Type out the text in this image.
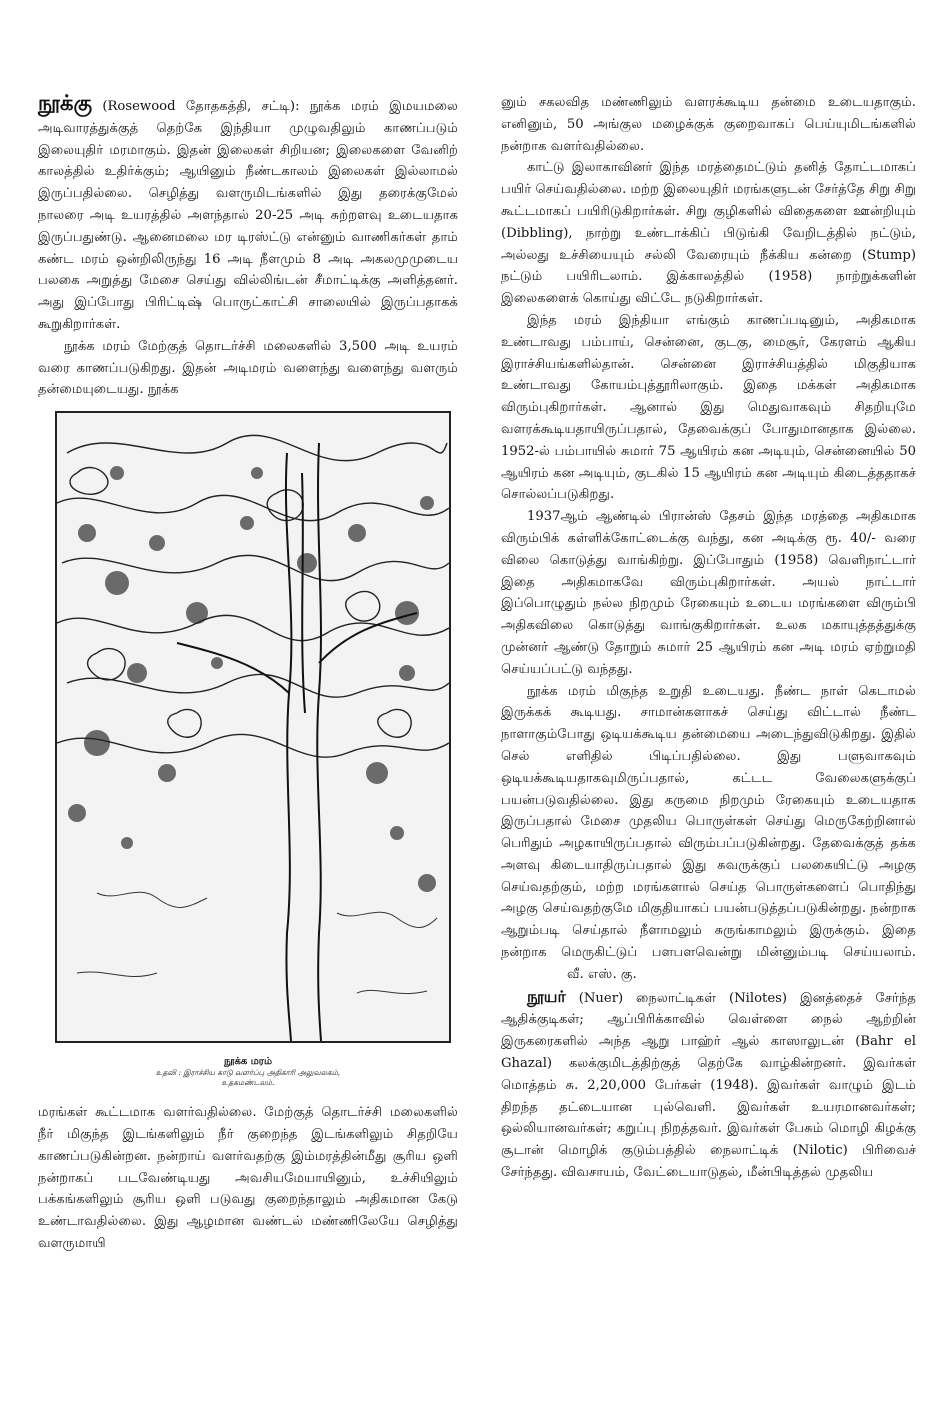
நூக்கு (Rosewood தோதகத்தி, சட்டி): நூக்க மரம் இமயமலை அடிவாரத்துக்குத் தெற்கே இந்தியா முழுவதிலும் காணப்படும் இலையுதிர் மரமாகும். இதன் இலைகள் சிறியன; இலைகளை வேனிற் காலத்தில் உதிர்க்கும்; ஆயினும் நீண்டகாலம் இலைகள் இல்லாமல் இருப்பதில்லை. செழித்து வளருமிடங்களில் இது தரைக்குமேல் நாலரை அடி உயரத்தில் அளந்தால் 20-25 அடி சுற்றளவு உடையதாக இருப்பதுண்டு. ஆனைமலை மர டிரஸ்ட்டு என்னும் வாணிகர்கள் தாம் கண்ட மரம் ஒன்றிலிருந்து 16 அடி நீளமும் 8 அடி அகலமுமுடைய பலகை அறுத்து மேசை செய்து வில்லிங்டன் சீமாட்டிக்கு அளித்தனர். அது இப்போது பிரிட்டிஷ் பொருட்காட்சி சாலையில் இருப்பதாகக் கூறுகிறார்கள்.

நூக்க மரம் மேற்குத் தொடர்ச்சி மலைகளில் 3,500 அடி உயரம் வரை காணப்படுகிறது. இதன் அடிமரம் வளைந்து வளைந்து வளரும் தன்மையுடையது. நூக்க

நூக்க மரம்
உதவி : இராச்சிய காடு வளர்ப்பு அதிகாரி அலுவலகம்,
உதகமண்டலம்.

மரங்கள் கூட்டமாக வளர்வதில்லை. மேற்குத் தொடர்ச்சி மலைகளில் நீர் மிகுந்த இடங்களிலும் நீர் குறைந்த இடங்களிலும் சிதறியே காணப்படுகின்றன. நன்றாய் வளர்வதற்கு இம்மரத்தின்மீது சூரிய ஒளி நன்றாகப் படவேண்டியது அவசியமேயாயினும், உச்சியிலும் பக்கங்களிலும் சூரிய ஒளி படுவது குறைந்தாலும் அதிகமான கேடு உண்டாவதில்லை. இது ஆழமான வண்டல் மண்ணிலேயே செழித்து வளருமாயி

னும் சகலவித மண்ணிலும் வளரக்கூடிய தன்மை உடையதாகும். எனினும், 50 அங்குல மழைக்குக் குறைவாகப் பெய்யுமிடங்களில் நன்றாக வளர்வதில்லை.

காட்டு இலாகாவினர் இந்த மரத்தைமட்டும் தனித் தோட்டமாகப் பயிர் செய்வதில்லை. மற்ற இலையுதிர் மரங்களுடன் சேர்த்தே சிறு சிறு கூட்டமாகப் பயிரிடுகிறார்கள். சிறு குழிகளில் விதைகளை ஊன்றியும் (Dibbling), நாற்று உண்டாக்கிப் பிடுங்கி வேறிடத்தில் நட்டும், அல்லது உச்சியையும் சல்லி வேரையும் நீக்கிய கன்றை (Stump) நட்டும் பயிரிடலாம். இக்காலத்தில் (1958) நாற்றுக்களின் இலைகளைக் கொய்து விட்டே நடுகிறார்கள்.

இந்த மரம் இந்தியா எங்கும் காணப்படினும், அதிகமாக உண்டாவது பம்பாய், சென்னை, குடகு, மைசூர், கேரளம் ஆகிய இராச்சியங்களில்தான். சென்னை இராச்சியத்தில் மிகுதியாக உண்டாவது கோயம்புத்தூரிலாகும். இதை மக்கள் அதிகமாக விரும்புகிறார்கள். ஆனால் இது மெதுவாகவும் சிதறியுமே வளரக்கூடியதாயிருப்பதால், தேவைக்குப் போதுமானதாக இல்லை. 1952-ல் பம்பாயில் சுமார் 75 ஆயிரம் கன அடியும், சென்னையில் 50 ஆயிரம் கன அடியும், குடகில் 15 ஆயிரம் கன அடியும் கிடைத்ததாகச் சொல்லப்படுகிறது.

1937ஆம் ஆண்டில் பிரான்ஸ் தேசம் இந்த மரத்தை அதிகமாக விரும்பிக் கள்ளிக்கோட்டைக்கு வந்து, கன அடிக்கு ரூ. 40/- வரை விலை கொடுத்து வாங்கிற்று. இப்போதும் (1958) வெளிநாட்டார் இதை அதிகமாகவே விரும்புகிறார்கள். அயல் நாட்டார் இப்பொழுதும் நல்ல நிறமும் ரேகையும் உடைய மரங்களை விரும்பி அதிகவிலை கொடுத்து வாங்குகிறார்கள். உலக மகாயுத்தத்துக்கு முன்னர் ஆண்டு தோறும் சுமார் 25 ஆயிரம் கன அடி மரம் ஏற்றுமதி செய்யப்பட்டு வந்தது.

நூக்க மரம் மிகுந்த உறுதி உடையது. நீண்ட நாள் கெடாமல் இருக்கக் கூடியது. சாமான்களாகச் செய்து விட்டால் நீண்ட நாளாகும்போது ஒடியக்கூடிய தன்மையை அடைந்துவிடுகிறது. இதில் செல் எளிதில் பிடிப்பதில்லை. இது பளுவாகவும் ஒடியக்கூடியதாகவுமிருப்பதால், கட்டட வேலைகளுக்குப் பயன்படுவதில்லை. இது கருமை நிறமும் ரேகையும் உடையதாக இருப்பதால் மேசை முதலிய பொருள்கள் செய்து மெருகேற்றினால் பெரிதும் அழகாயிருப்பதால் விரும்பப்படுகின்றது. தேவைக்குத் தக்க அளவு கிடையாதிருப்பதால் இது சுவருக்குப் பலகையிட்டு அழகு செய்வதற்கும், மற்ற மரங்களால் செய்த பொருள்களைப் பொதிந்து அழகு செய்வதற்குமே மிகுதியாகப் பயன்படுத்தப்படுகின்றது. நன்றாக ஆறும்படி செய்தால் நீளாமலும் சுருங்காமலும் இருக்கும். இதை நன்றாக மெருகிட்டுப் பளபளவென்று மின்னும்படி செய்யலாம்.வீ. எஸ். கு.

நூயர் (Nuer) நைலாட்டிகள் (Nilotes) இனத்தைச் சேர்ந்த ஆதிக்குடிகள்; ஆப்பிரிக்காவில் வெள்ளை நைல் ஆற்றின் இருகரைகளில் அந்த ஆறு பாஹ்ர் ஆல் காஸாலுடன் (Bahr el Ghazal) கலக்குமிடத்திற்குத் தெற்கே வாழ்கின்றனர். இவர்கள் மொத்தம் சு. 2,20,000 பேர்கள் (1948). இவர்கள் வாழும் இடம் திறந்த தட்டையான புல்வெளி. இவர்கள் உயரமானவர்கள்; ஒல்லியானவர்கள்; கறுப்பு நிறத்தவர். இவர்கள் பேசும் மொழி கிழக்கு சூடான் மொழிக் குடும்பத்தில் நைலாட்டிக் (Nilotic) பிரிவைச் சேர்ந்தது. விவசாயம், வேட்டையாடுதல், மீன்பிடித்தல் முதலிய
